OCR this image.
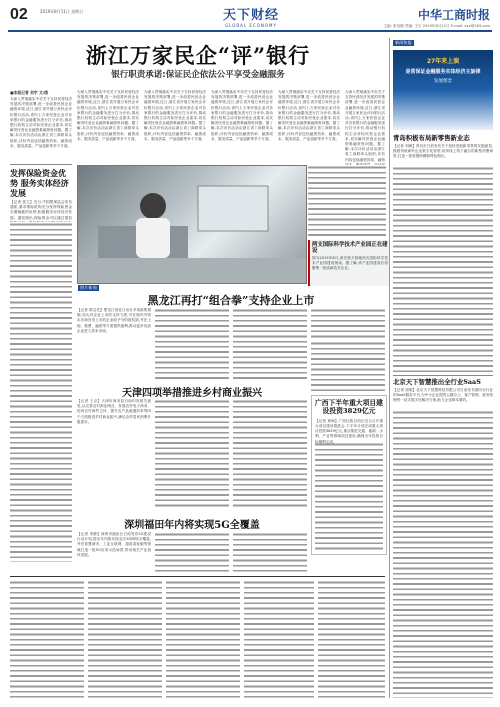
02	2019年8月11日 星期日	天下财经
GLOBAL ECONOMY
中华工商时报
主编: 张培刚 责编: 王宇 2019年8月11日 E-mail: xxx@163.com
浙江万家民企“评”银行
银行职责承诺:保证民企依法公平享受金融服务
■本报记者 刘宇 文/图
为深入贯彻落实中央关于支持民营经济发展的决策部署,进一步改善民营企业融资环境,近日,浙江省开展万家民企评价银行活动,省内上万家民营企业对各家银行的金融服务进行打分评价,推动银行机构主动对标民营企业需求,切实解决民营企业融资难融资贵问题。据了解,本次评价活动由浙江省工商联牵头组织,评价内容包括融资效率、融资成本、服务质量、产品创新等多个方面。
为深入贯彻落实中央关于支持民营经济发展的决策部署,进一步改善民营企业融资环境,近日,浙江省开展万家民企评价银行活动,省内上万家民营企业对各家银行的金融服务进行打分评价,推动银行机构主动对标民营企业需求,切实解决民营企业融资难融资贵问题。据了解,本次评价活动由浙江省工商联牵头组织,评价内容包括融资效率、融资成本、服务质量、产品创新等多个方面。
为深入贯彻落实中央关于支持民营经济发展的决策部署,进一步改善民营企业融资环境,近日,浙江省开展万家民企评价银行活动,省内上万家民营企业对各家银行的金融服务进行打分评价,推动银行机构主动对标民营企业需求,切实解决民营企业融资难融资贵问题。据了解,本次评价活动由浙江省工商联牵头组织,评价内容包括融资效率、融资成本、服务质量、产品创新等多个方面。
为深入贯彻落实中央关于支持民营经济发展的决策部署,进一步改善民营企业融资环境,近日,浙江省开展万家民企评价银行活动,省内上万家民营企业对各家银行的金融服务进行打分评价,推动银行机构主动对标民营企业需求,切实解决民营企业融资难融资贵问题。据了解,本次评价活动由浙江省工商联牵头组织,评价内容包括融资效率、融资成本、服务质量、产品创新等多个方面。
为深入贯彻落实中央关于支持民营经济发展的决策部署,进一步改善民营企业融资环境,近日,浙江省开展万家民企评价银行活动,省内上万家民营企业对各家银行的金融服务进行打分评价,推动银行机构主动对标民营企业需求,切实解决民营企业融资难融资贵问题。据了解,本次评价活动由浙江省工商联牵头组织,评价内容包括融资效率、融资成本、服务质量、产品创新等多个方面。
为深入贯彻落实中央关于支持民营经济发展的决策部署,进一步改善民营企业融资环境,近日,浙江省开展万家民企评价银行活动,省内上万家民营企业对各家银行的金融服务进行打分评价,推动银行机构主动对标民营企业需求,切实解决民营企业融资难融资贵问题。据了解,本次评价活动由浙江省工商联牵头组织,评价内容包括融资效率、融资
发挥保险资金优势 服务实体经济发展
【记者 张立】近日,中国银保监会发布通知,要求保险机构充分发挥保险资金长期稳健的优势,积极服务实体经济发展。通知指出,保险资金可以通过债权
图片新闻
两支国际科学技术产业园正在建设
图为2019年8月,西安航天基地两支国际科学技术产业园建设现场。据了解,该产业园建成后将聚集一批高新技术企业。
黑龙江再打“组合拳”支持企业上市
【记者 陈宝亮】黑龙江省近日出台多项政策措施,加大对企业上市的支持力度,对在境内外资本市场首发上市的企业给予分阶段奖励,并在土地、税费、融资等方面提供便利,推动更多优质企业进入资本市场。
天津四项举措推进乡村商业振兴
【记者 王京】天津市商务局日前印发相关意见,从完善农村商业网点、发展农村电子商务、培育农村商贸主体、提升农产品流通效率等四个方面推进乡村商业振兴,满足农村居民消费升级需求。
广西下半年重大项目建设投资3829亿元
【记者 黄海】广西壮族自治区近日召开重大项目建设推进会,下半年计划完成重大项目投资3829亿元,重点推进交通、能源、水利、产业等领域项目建设,确保全年投资目标顺利完成。
深圳福田年内将实现5G全覆盖
【记者 李静】深圳市福田区日前发布5G建设行动计划,提出年内将实现全区5G网络全覆盖,并在智慧城市、工业互联网、超高清视频等领域打造一批5G应用示范场景,带动相关产业加快发展。
新闻快报
27年来上演
是常保证金融服务实体经济主旋律
发展理念
青岛积极布局新零售新业态
【记者 刘海】青岛市日前发布关于加快发展新零售的实施意见,鼓励传统商贸企业数字化转型,培育线上线下融合的新型消费场景,打造一批智慧商圈和特色街区。
北京天下智慧推出全行业SaaS
【记者 周明】北京天下智慧科技有限公司日前发布面向全行业的SaaS服务平台,为中小企业提供云端办公、客户管理、财务管理等一站式数字化解决方案,助力企业降本增效。
